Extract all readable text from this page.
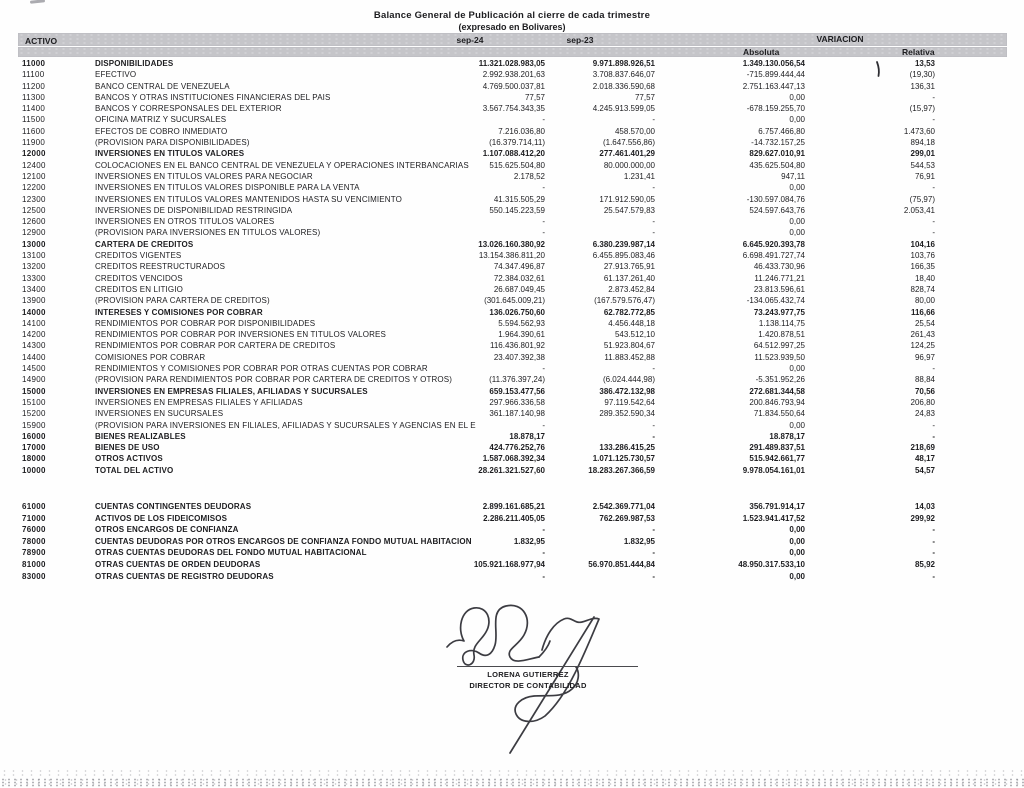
Balance General de Publicación al cierre de cada trimestre
(expresado en Bolivares)
ACTIVO	sep-24	sep-23	VARIACION
Absoluta	Relativa
11000	DISPONIBILIDADES	11.321.028.983,05	9.971.898.926,51	1.349.130.056,54	13,53
11100	EFECTIVO	2.992.938.201,63	3.708.837.646,07	-715.899.444,44	(19,30)
11200	BANCO CENTRAL DE VENEZUELA	4.769.500.037,81	2.018.336.590,68	2.751.163.447,13	136,31
11300	BANCOS Y OTRAS INSTITUCIONES FINANCIERAS DEL PAIS	77,57	77,57	0,00	-
11400	BANCOS Y CORRESPONSALES DEL EXTERIOR	3.567.754.343,35	4.245.913.599,05	-678.159.255,70	(15,97)
11500	OFICINA MATRIZ Y SUCURSALES	-	-	0,00	-
11600	EFECTOS DE COBRO INMEDIATO	7.216.036,80	458.570,00	6.757.466,80	1.473,60
11900	(PROVISION PARA DISPONIBILIDADES)	(16.379.714,11)	(1.647.556,86)	-14.732.157,25	894,18
12000	INVERSIONES EN TITULOS VALORES	1.107.088.412,20	277.461.401,29	829.627.010,91	299,01
12400	COLOCACIONES EN EL BANCO CENTRAL DE VENEZUELA Y OPERACIONES INTERBANCARIAS	515.625.504,80	80.000.000,00	435.625.504,80	544,53
12100	INVERSIONES EN TITULOS VALORES PARA NEGOCIAR	2.178,52	1.231,41	947,11	76,91
12200	INVERSIONES EN TITULOS VALORES DISPONIBLE PARA LA VENTA	-	-	0,00	-
12300	INVERSIONES EN TITULOS VALORES MANTENIDOS HASTA SU VENCIMIENTO	41.315.505,29	171.912.590,05	-130.597.084,76	(75,97)
12500	INVERSIONES DE DISPONIBILIDAD RESTRINGIDA	550.145.223,59	25.547.579,83	524.597.643,76	2.053,41
12600	INVERSIONES EN OTROS TITULOS VALORES	-	-	0,00	-
12900	(PROVISION PARA INVERSIONES EN TITULOS VALORES)	-	-	0,00	-
13000	CARTERA DE CREDITOS	13.026.160.380,92	6.380.239.987,14	6.645.920.393,78	104,16
13100	CREDITOS VIGENTES	13.154.386.811,20	6.455.895.083,46	6.698.491.727,74	103,76
13200	CREDITOS REESTRUCTURADOS	74.347.496,87	27.913.765,91	46.433.730,96	166,35
13300	CREDITOS VENCIDOS	72.384.032,61	61.137.261,40	11.246.771,21	18,40
13400	CREDITOS EN LITIGIO	26.687.049,45	2.873.452,84	23.813.596,61	828,74
13900	(PROVISION PARA CARTERA DE CREDITOS)	(301.645.009,21)	(167.579.576,47)	-134.065.432,74	80,00
14000	INTERESES Y COMISIONES POR COBRAR	136.026.750,60	62.782.772,85	73.243.977,75	116,66
14100	RENDIMIENTOS POR COBRAR POR DISPONIBILIDADES	5.594.562,93	4.456.448,18	1.138.114,75	25,54
14200	RENDIMIENTOS POR COBRAR POR INVERSIONES EN TITULOS VALORES	1.964.390,61	543.512,10	1.420.878,51	261,43
14300	RENDIMIENTOS POR COBRAR POR CARTERA DE CREDITOS	116.436.801,92	51.923.804,67	64.512.997,25	124,25
14400	COMISIONES POR COBRAR	23.407.392,38	11.883.452,88	11.523.939,50	96,97
14500	RENDIMIENTOS Y COMISIONES POR COBRAR POR OTRAS CUENTAS POR COBRAR	-	-	0,00	-
14900	(PROVISION PARA RENDIMIENTOS POR COBRAR POR CARTERA DE CREDITOS Y OTROS)	(11.376.397,24)	(6.024.444,98)	-5.351.952,26	88,84
15000	INVERSIONES EN EMPRESAS FILIALES, AFILIADAS Y SUCURSALES	659.153.477,56	386.472.132,98	272.681.344,58	70,56
15100	INVERSIONES EN EMPRESAS FILIALES Y AFILIADAS	297.966.336,58	97.119.542,64	200.846.793,94	206,80
15200	INVERSIONES EN SUCURSALES	361.187.140,98	289.352.590,34	71.834.550,64	24,83
15900	(PROVISION PARA INVERSIONES EN FILIALES, AFILIADAS Y SUCURSALES Y AGENCIAS EN EL E	-	-	0,00	-
16000	BIENES REALIZABLES	18.878,17	-	18.878,17	-
17000	BIENES DE USO	424.776.252,76	133.286.415,25	291.489.837,51	218,69
18000	OTROS ACTIVOS	1.587.068.392,34	1.071.125.730,57	515.942.661,77	48,17
10000	TOTAL DEL ACTIVO	28.261.321.527,60	18.283.267.366,59	9.978.054.161,01	54,57
61000	CUENTAS CONTINGENTES DEUDORAS	2.899.161.685,21	2.542.369.771,04	356.791.914,17	14,03
71000	ACTIVOS DE LOS FIDEICOMISOS	2.286.211.405,05	762.269.987,53	1.523.941.417,52	299,92
76000	OTROS ENCARGOS DE CONFIANZA	-	-	0,00	-
78000	CUENTAS DEUDORAS POR OTROS ENCARGOS DE CONFIANZA FONDO MUTUAL HABITACION	1.832,95	1.832,95	0,00	-
78900	OTRAS CUENTAS DEUDORAS DEL FONDO MUTUAL HABITACIONAL	-	-	0,00	-
81000	OTRAS CUENTAS DE ORDEN DEUDORAS	105.921.168.977,94	56.970.851.444,84	48.950.317.533,10	85,92
83000	OTRAS CUENTAS DE REGISTRO DEUDORAS	-	-	0,00	-
LORENA GUTIERREZ
DIRECTOR DE CONTABILIDAD
